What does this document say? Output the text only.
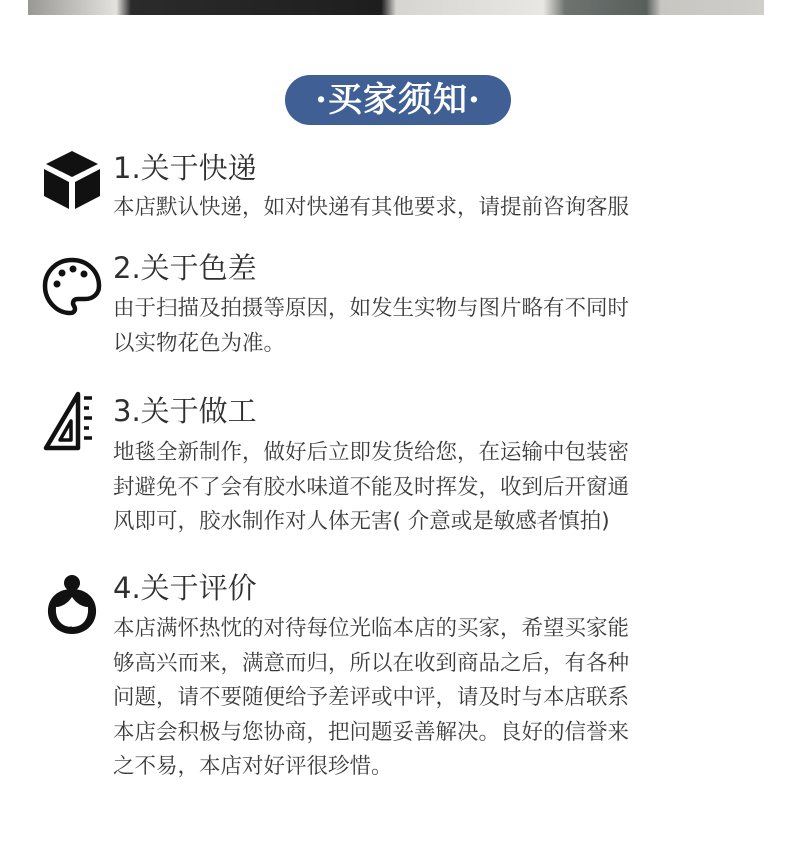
·买家须知·
1.关于快递
本店默认快递，如对快递有其他要求，请提前咨询客服
2.关于色差
由于扫描及拍摄等原因，如发生实物与图片略有不同时
以实物花色为准。
3.关于做工
地毯全新制作，做好后立即发货给您，在运输中包装密
封避免不了会有胶水味道不能及时挥发，收到后开窗通
风即可，胶水制作对人体无害( 介意或是敏感者慎拍)
4.关于评价
本店满怀热忱的对待每位光临本店的买家，希望买家能
够高兴而来，满意而归，所以在收到商品之后，有各种
问题，请不要随便给予差评或中评，请及时与本店联系
本店会积极与您协商，把问题妥善解决。良好的信誉来
之不易，本店对好评很珍惜。
